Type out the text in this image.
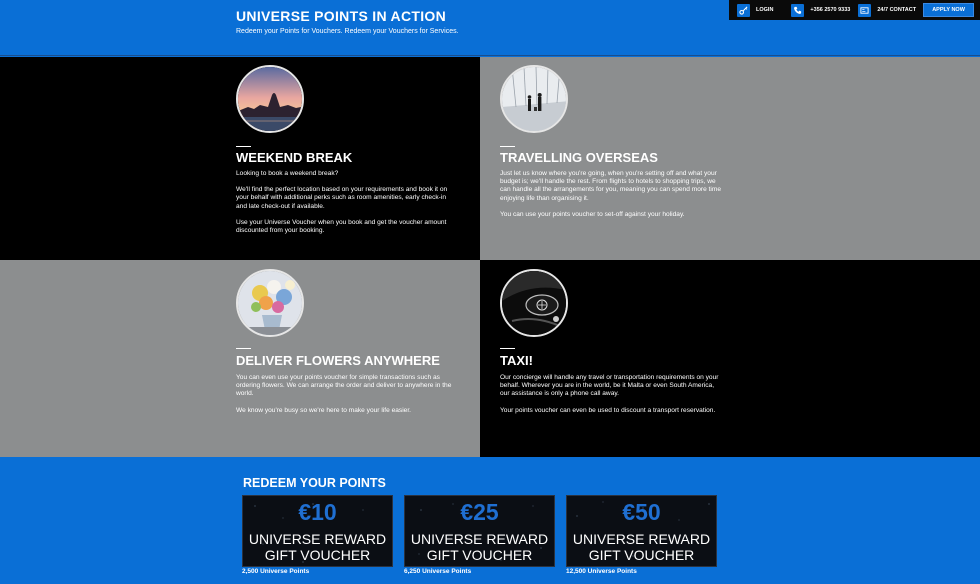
UNIVERSE POINTS IN ACTION
Redeem your Points for Vouchers. Redeem your Vouchers for Services.
LOGIN	+356 2570 9333	24/7 CONTACT	APPLY NOW
WEEKEND BREAK

Looking to book a weekend break?

We'll find the perfect location based on your requirements and book it on your behalf with additional perks such as room amenities, early check-in and late check-out if available.

Use your Universe Voucher when you book and get the voucher amount discounted from your booking.

TRAVELLING OVERSEAS

Just let us know where you're going, when you're setting off and what your budget is; we'll handle the rest. From flights to hotels to shopping trips, we can handle all the arrangements for you, meaning you can spend more time enjoying life than organising it.

You can use your points voucher to set-off against your holiday.

DELIVER FLOWERS ANYWHERE

You can even use your points voucher for simple transactions such as ordering flowers. We can arrange the order and deliver to anywhere in the world.

We know you're busy so we're here to make your life easier.

TAXI!

Our concierge will handle any travel or transportation requirements on your behalf. Wherever you are in the world, be it Malta or even South America, our assistance is only a phone call away.

Your points voucher can even be used to discount a transport reservation.

REDEEM YOUR POINTS
€10
UNIVERSE REWARD
GIFT VOUCHER
2,500 Universe Points
€25
UNIVERSE REWARD
GIFT VOUCHER
6,250 Universe Points
€50
UNIVERSE REWARD
GIFT VOUCHER
12,500 Universe Points
